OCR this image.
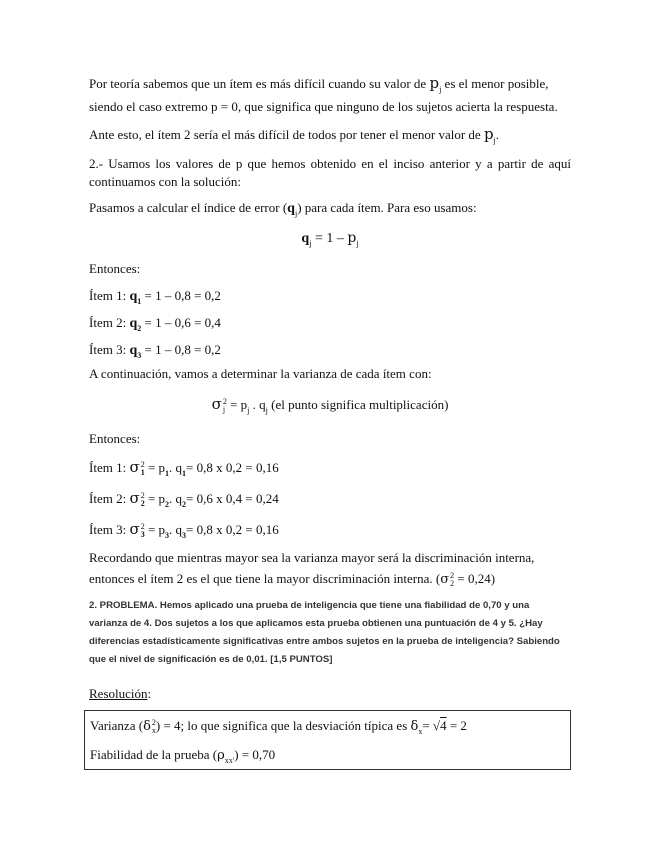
Por teoría sabemos que un ítem es más difícil cuando su valor de $p_j$ es el menor posible,
siendo el caso extremo p = 0, que significa que ninguno de los sujetos acierta la respuesta.
Ante esto, el ítem 2 sería el más difícil de todos por tener el menor valor de $p_j$.
2.- Usamos los valores de p que hemos obtenido en el inciso anterior y a partir de aquí continuamos con la solución:
Pasamos a calcular el índice de error $(q_j)$ para cada ítem. Para eso usamos:
$q_j = 1 - p_j$
Entonces:
Ítem 1: $q_1 = 1 - 0,8 = 0,2$
Ítem 2: $q_2 = 1 - 0,6 = 0,4$
Ítem 3: $q_3 = 1 - 0,8 = 0,2$
A continuación, vamos a determinar la varianza de cada ítem con:
σ 2
$j = p_j$ . $q_j$ (el punto significa multiplicación)
Entonces:
Ítem 1: σ 2
$1 = p_1$. $q_1= 0,8$ x 0,2 = 0,16
Ítem 2: σ 2
$2 = p_2$. $q_2= 0,6$ x 0,4 = 0,24
Ítem 3: σ 2
$3 = p_3$. $q_3= 0,8$ x 0,2 = 0,16
Recordando que mientras mayor sea la varianza mayor será la discriminación interna,
entonces el ítem 2 es el que tiene la mayor discriminación interna. (σ 2
2 = 0,24)
2. PROBLEMA. Hemos aplicado una prueba de inteligencia que tiene una fiabilidad de 0,70 y una varianza de 4. Dos sujetos a los que aplicamos esta prueba obtienen una puntuación de 4 y 5. ¿Hay diferencias estadísticamente significativas entre ambos sujetos en la prueba de inteligencia? Sabiendo que el nivel de significación es de 0,01. [1,5 PUNTOS]
Resolución:
Varianza (δ 2
x ) = 4; lo que significa que la desviación típica es $\delta_x= √4 = 2$
Fiabilidad de la prueba $(\rho_{xx'}) = 0,70$
